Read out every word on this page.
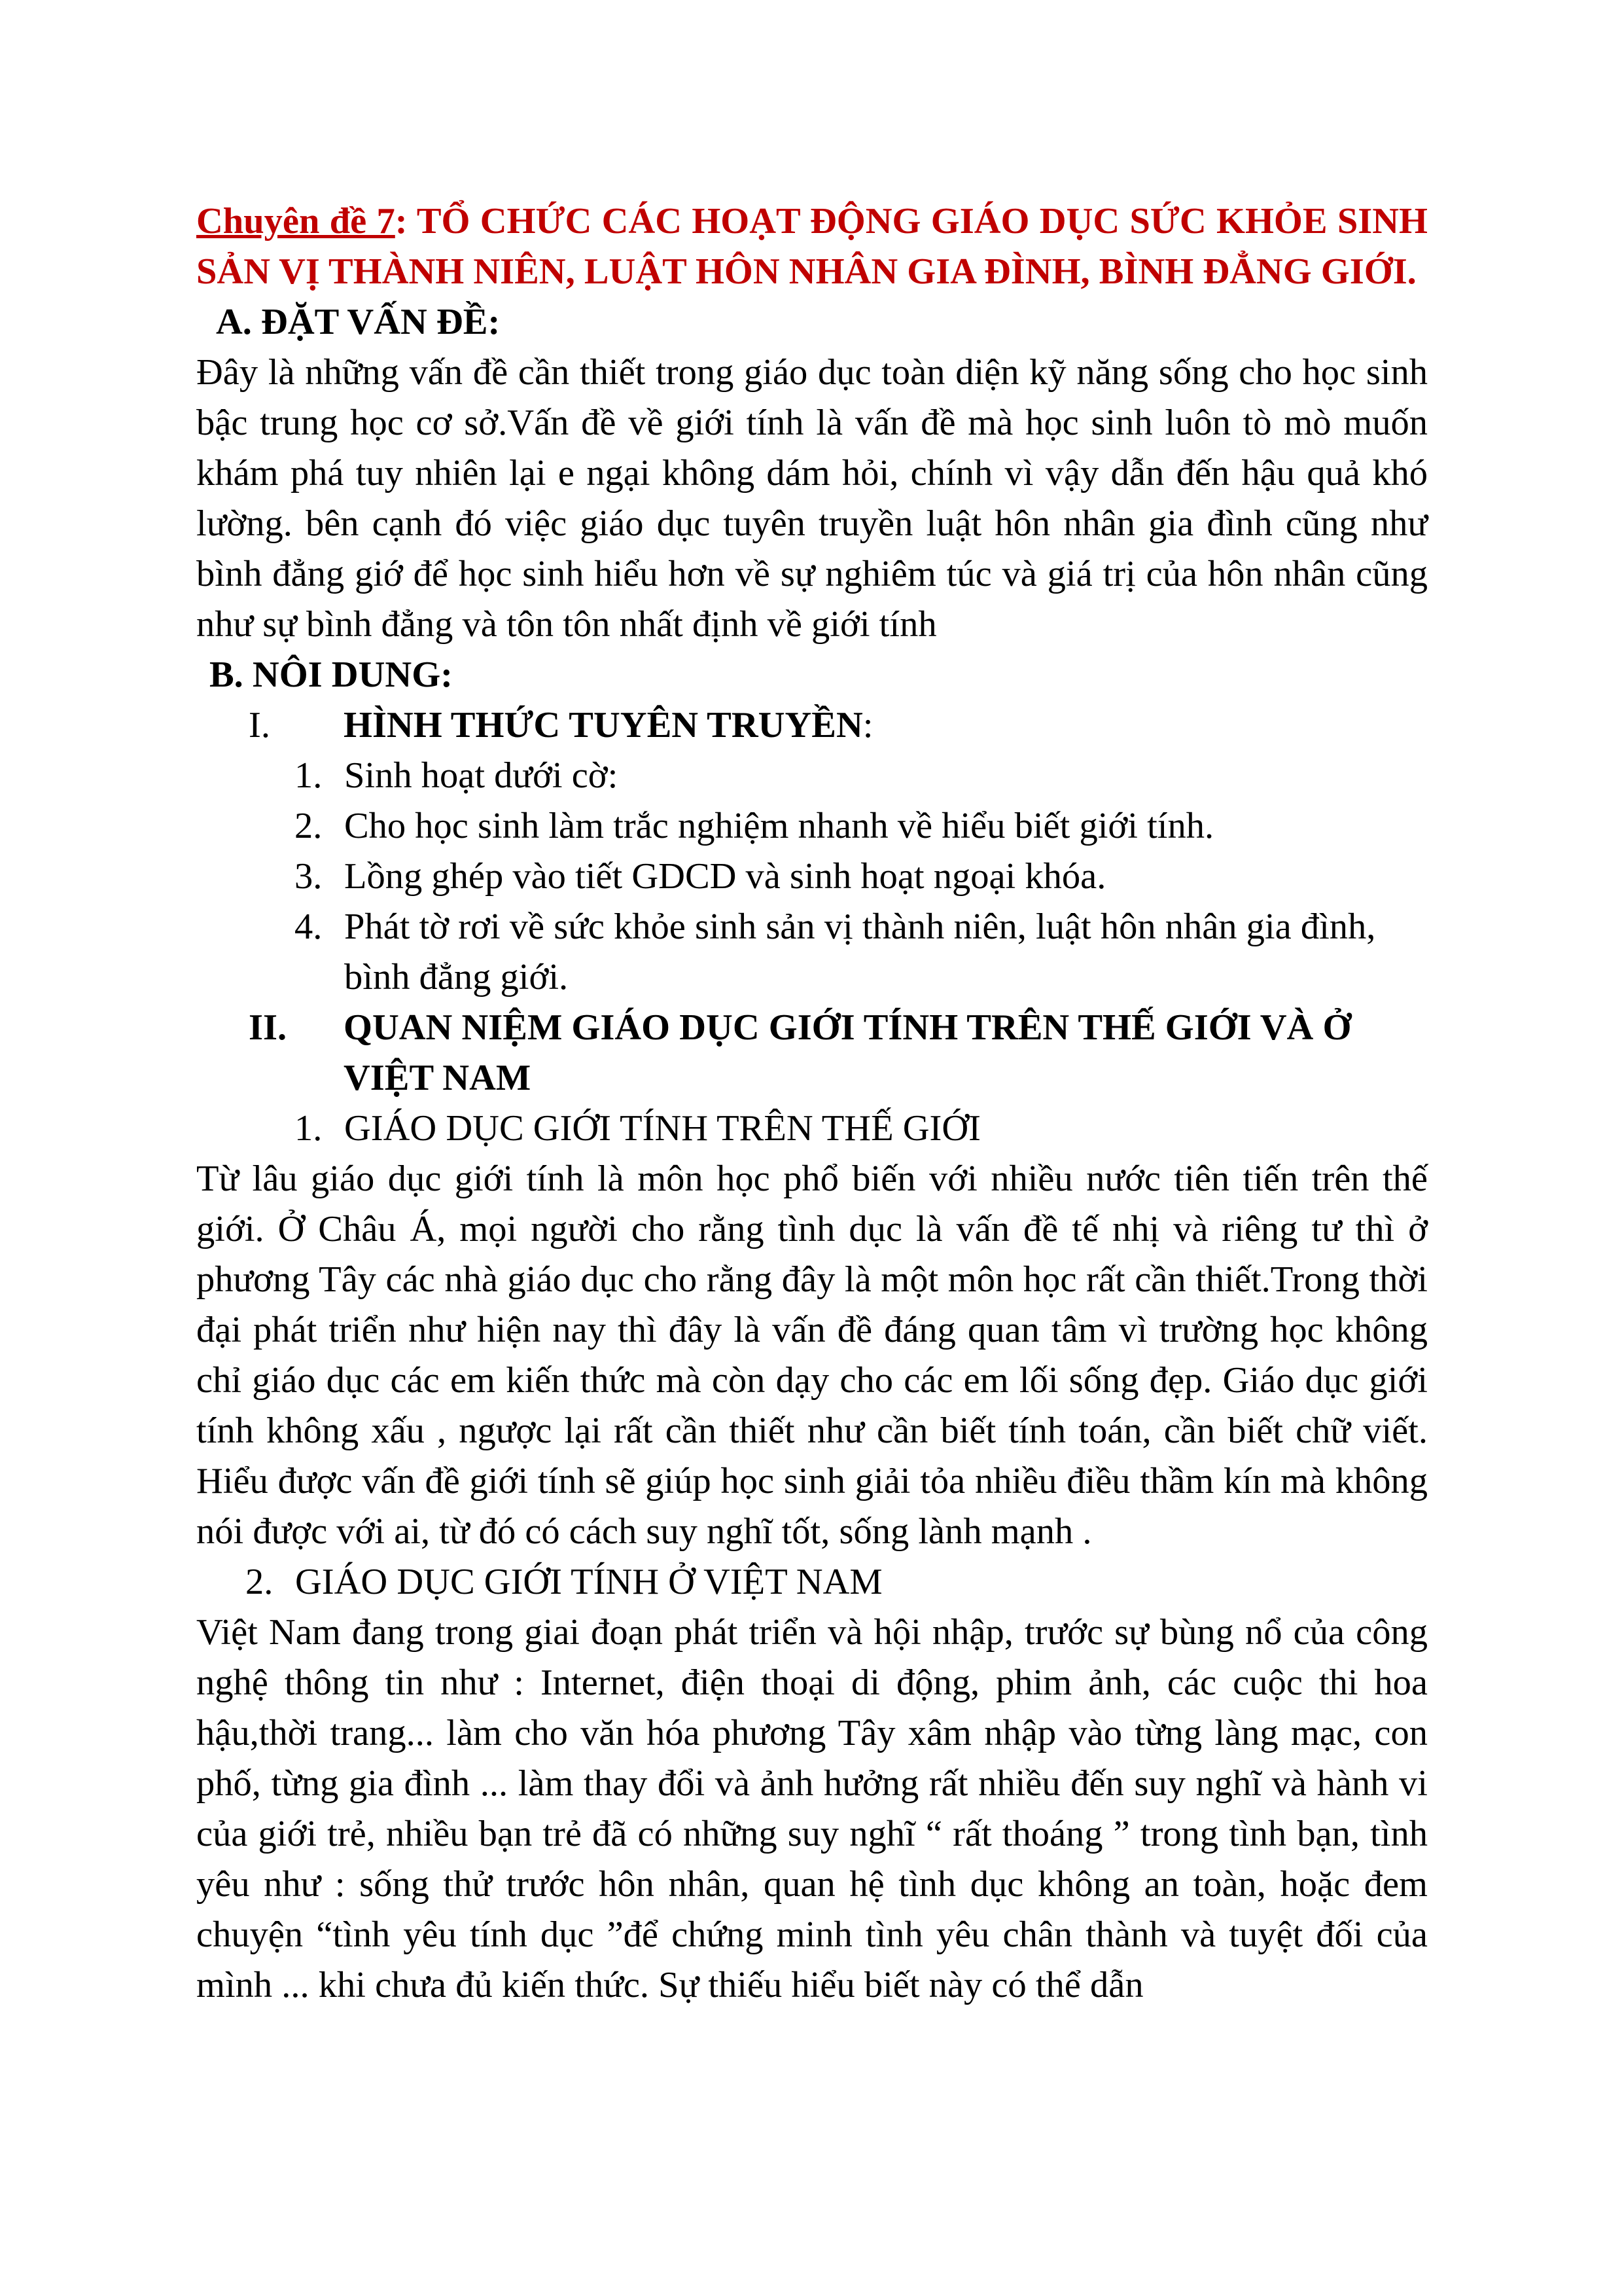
Chuyên đề 7: TỔ CHỨC CÁC HOẠT ĐỘNG GIÁO DỤC SỨC KHỎE SINH SẢN VỊ THÀNH NIÊN, LUẬT HÔN NHÂN GIA ĐÌNH, BÌNH ĐẲNG GIỚI.
A. ĐẶT VẤN ĐỀ:

Đây là những vấn đề cần thiết trong giáo dục toàn diện kỹ năng sống cho học sinh bậc trung học cơ sở.Vấn đề về giới tính là vấn đề mà học sinh luôn tò mò muốn khám phá tuy nhiên lại e ngại không dám hỏi, chính vì vậy dẫn đến hậu quả khó lường. bên cạnh đó việc giáo dục tuyên truyền luật hôn nhân gia đình cũng như bình đẳng giớ để học sinh hiểu hơn về sự nghiêm túc và giá trị của hôn nhân cũng như sự bình đẳng và tôn tôn nhất định về giới tính

B. NÔI DUNG:
I.	HÌNH THỨC TUYÊN TRUYỀN:
1. Sinh hoạt dưới cờ:
2. Cho học sinh làm trắc nghiệm nhanh về hiểu biết giới tính.
3. Lồng ghép vào tiết GDCD và sinh hoạt ngoại khóa.
4. Phát tờ rơi về sức khỏe sinh sản vị thành niên, luật hôn nhân gia đình, bình đẳng giới.
II.	QUAN NIỆM GIÁO DỤC GIỚI TÍNH TRÊN THẾ GIỚI VÀ Ở VIỆT NAM
1. GIÁO DỤC GIỚI TÍNH TRÊN THẾ GIỚI

Từ lâu giáo dục giới tính là môn học phổ biến với nhiều nước tiên tiến trên thế giới. Ở Châu Á, mọi người cho rằng tình dục là vấn đề tế nhị và riêng tư thì ở phương Tây các nhà giáo dục cho rằng đây là một môn học rất cần thiết.Trong thời đại phát triển như hiện nay thì đây là vấn đề đáng quan tâm vì trường học không chỉ giáo dục các em kiến thức mà còn dạy cho các em lối sống đẹp. Giáo dục giới tính không xấu , ngược lại rất cần thiết như cần biết tính toán, cần biết chữ viết. Hiểu được vấn đề giới tính sẽ giúp học sinh giải tỏa nhiều điều thầm kín mà không nói được với ai, từ đó có cách suy nghĩ tốt, sống lành mạnh .

2. GIÁO DỤC GIỚI TÍNH Ở VIỆT NAM

Việt Nam đang trong giai đoạn phát triển và hội nhập, trước sự bùng nổ của công nghệ thông tin như : Internet, điện thoại di động, phim ảnh, các cuộc thi hoa hậu,thời trang... làm cho văn hóa phương Tây xâm nhập vào từng làng mạc, con phố, từng gia đình ... làm thay đổi và ảnh hưởng rất nhiều đến suy nghĩ và hành vi của giới trẻ, nhiều bạn trẻ đã có những suy nghĩ “ rất thoáng ” trong tình bạn, tình yêu như : sống thử trước hôn nhân, quan hệ tình dục không an toàn, hoặc đem chuyện “tình yêu tính dục ”để chứng minh tình yêu chân thành và tuyệt đối của mình ... khi chưa đủ kiến thức. Sự thiếu hiểu biết này có thể dẫn
